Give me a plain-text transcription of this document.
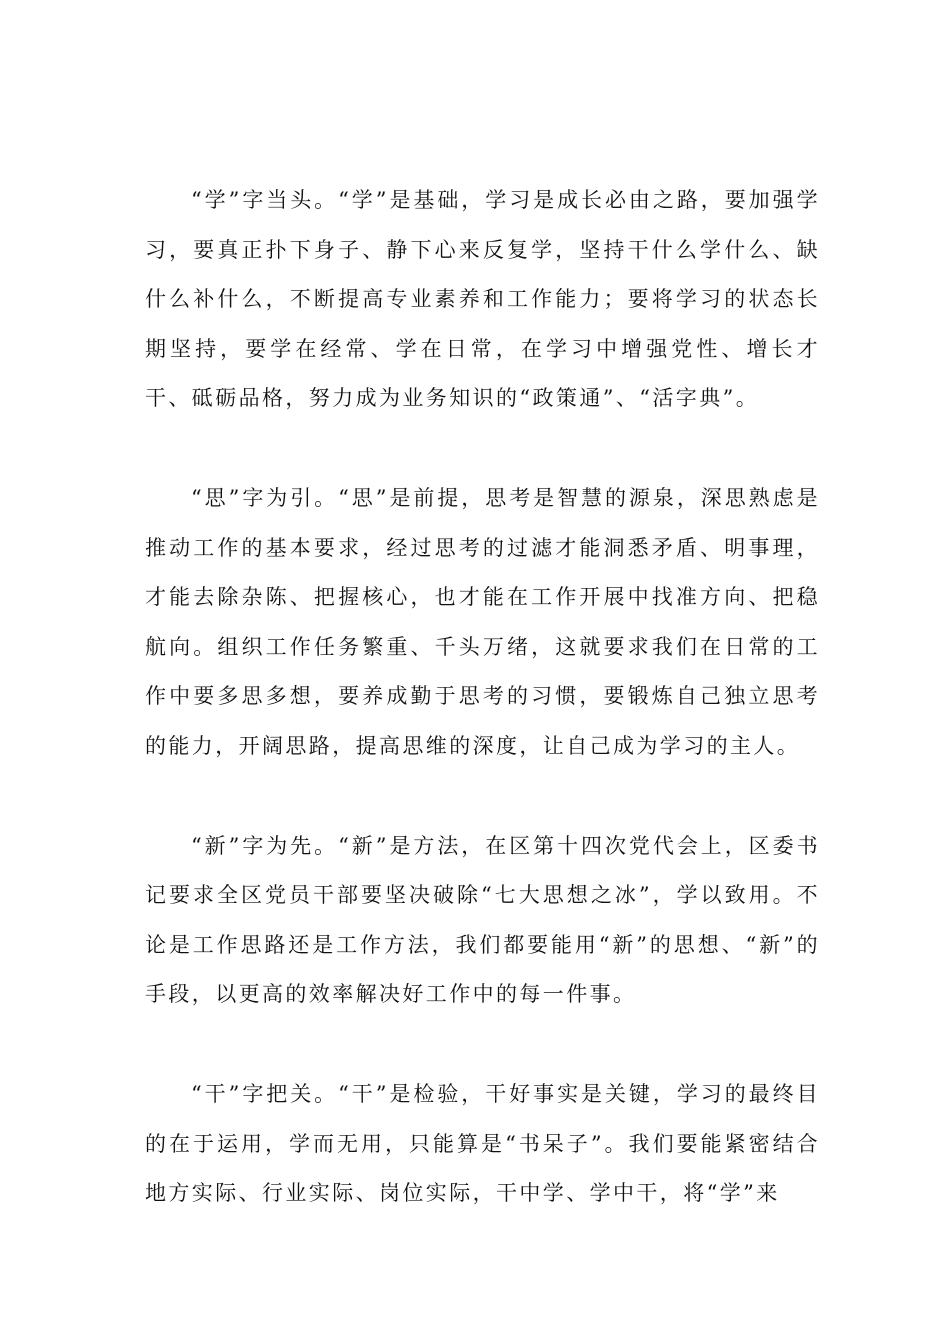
“学”字当头。“学”是基础，学习是成长必由之路，要加强学习，要真正扑下身子、静下心来反复学，坚持干什么学什么、缺什么补什么，不断提高专业素养和工作能力；要将学习的状态长期坚持，要学在经常、学在日常，在学习中增强党性、增长才干、砥砺品格，努力成为业务知识的“政策通”、“活字典”。

“思”字为引。“思”是前提，思考是智慧的源泉，深思熟虑是推动工作的基本要求，经过思考的过滤才能洞悉矛盾、明事理，才能去除杂陈、把握核心，也才能在工作开展中找准方向、把稳航向。组织工作任务繁重、千头万绪，这就要求我们在日常的工作中要多思多想，要养成勤于思考的习惯，要锻炼自己独立思考的能力，开阔思路，提高思维的深度，让自己成为学习的主人。

“新”字为先。“新”是方法，在区第十四次党代会上，区委书记要求全区党员干部要坚决破除“七大思想之冰”，学以致用。不论是工作思路还是工作方法，我们都要能用“新”的思想、“新”的手段，以更高的效率解决好工作中的每一件事。

“干”字把关。“干”是检验，干好事实是关键，学习的最终目的在于运用，学而无用，只能算是“书呆子”。我们要能紧密结合地方实际、行业实际、岗位实际，干中学、学中干，将“学”来
